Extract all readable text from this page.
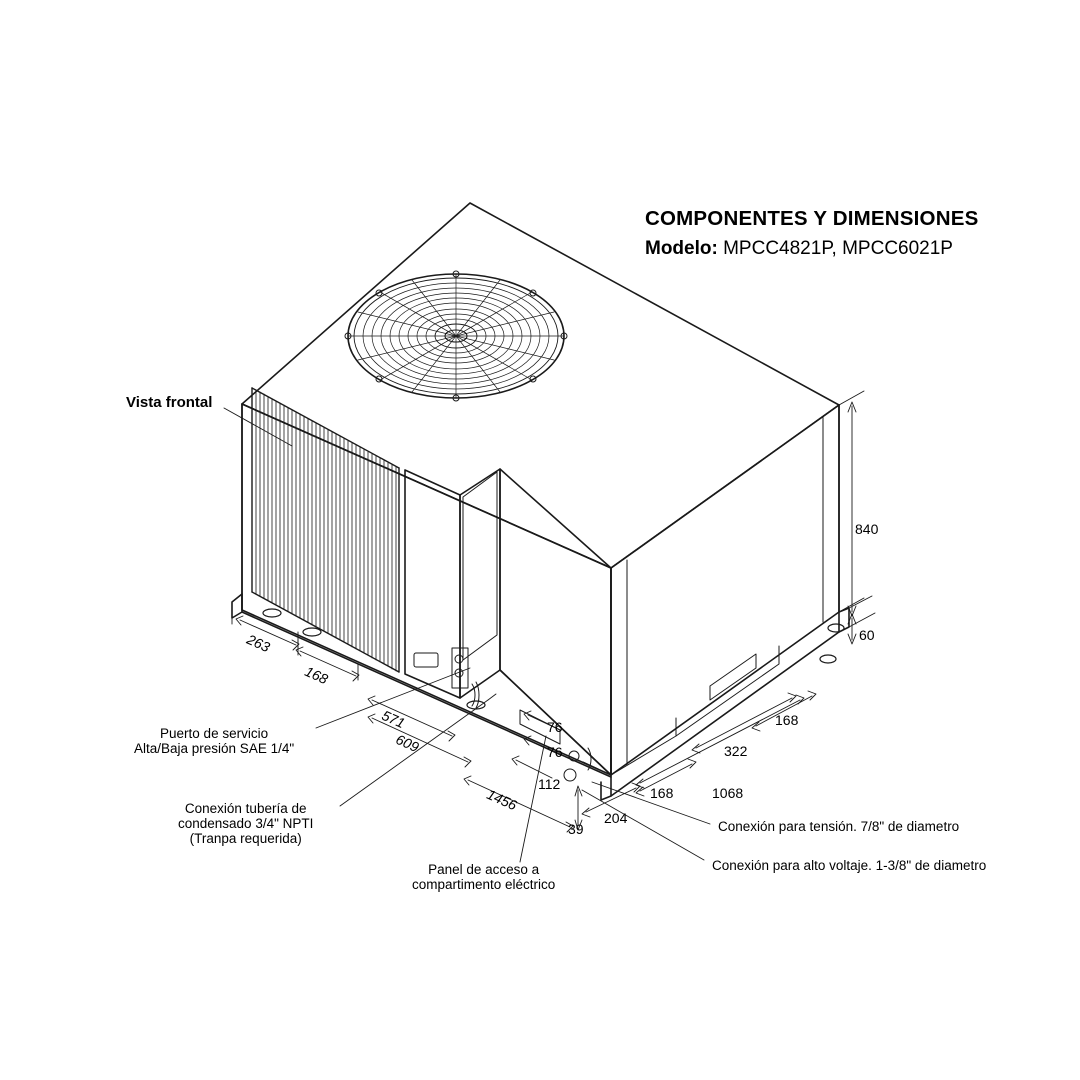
COMPONENTES Y DIMENSIONES
Modelo: MPCC4821P, MPCC6021P
Vista frontal
840
60
263
168
571
609
1456
76
76
112
39
204
168	1068
322
168
Puerto de servicio
Alta/Baja presión SAE 1/4"
Conexión tubería de
condensado 3/4" NPTI
(Tranpa requerida)
Panel de acceso a
compartimento eléctrico
Conexión para tensión. 7/8" de diametro
Conexión para alto voltaje. 1-3/8" de diametro
